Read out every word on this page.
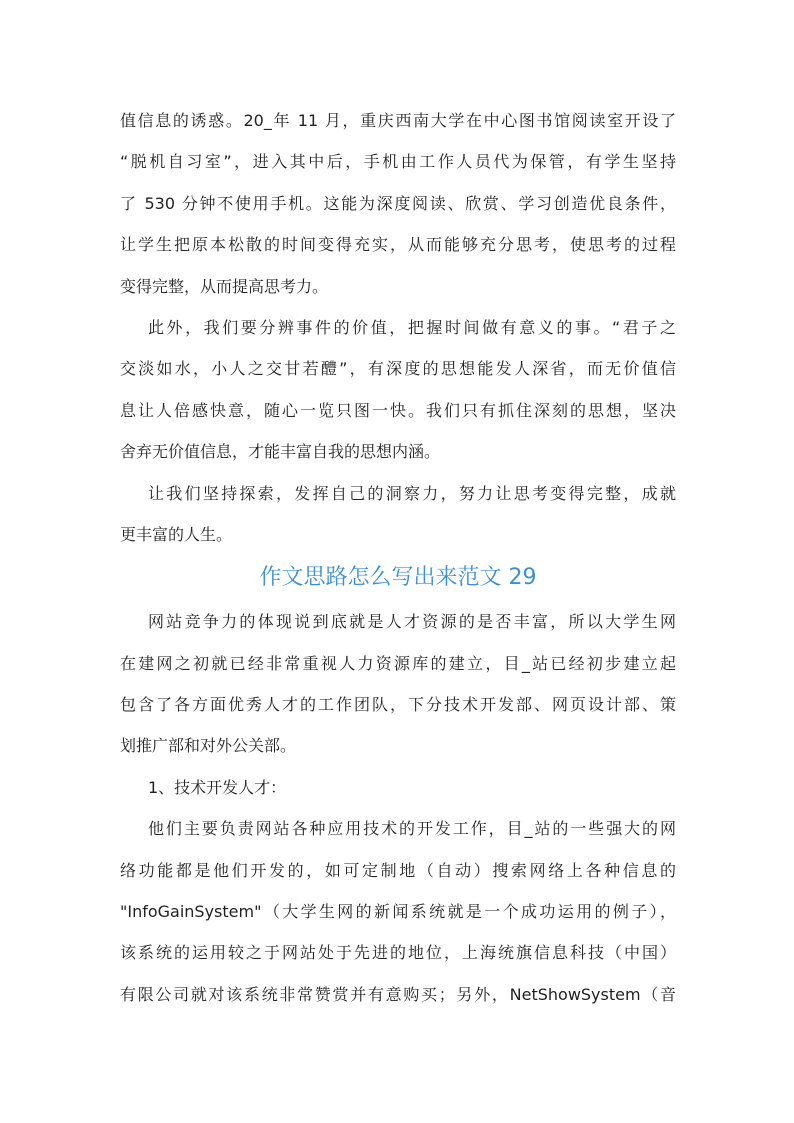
值信息的诱惑。20_年 11 月，重庆西南大学在中心图书馆阅读室开设了
“脱机自习室”，进入其中后，手机由工作人员代为保管，有学生坚持
了 530 分钟不使用手机。这能为深度阅读、欣赏、学习创造优良条件，
让学生把原本松散的时间变得充实，从而能够充分思考，使思考的过程
变得完整，从而提高思考力。
此外，我们要分辨事件的价值，把握时间做有意义的事。“君子之
交淡如水，小人之交甘若醴”，有深度的思想能发人深省，而无价值信
息让人倍感快意，随心一览只图一快。我们只有抓住深刻的思想，坚决
舍弃无价值信息，才能丰富自我的思想内涵。
让我们坚持探索，发挥自己的洞察力，努力让思考变得完整，成就
更丰富的人生。
作文思路怎么写出来范文 29
网站竞争力的体现说到底就是人才资源的是否丰富，所以大学生网
在建网之初就已经非常重视人力资源库的建立，目_站已经初步建立起
包含了各方面优秀人才的工作团队，下分技术开发部、网页设计部、策
划推广部和对外公关部。
1、技术开发人才：
他们主要负责网站各种应用技术的开发工作，目_站的一些强大的网
络功能都是他们开发的，如可定制地（自动）搜索网络上各种信息的
"InfoGainSystem"（大学生网的新闻系统就是一个成功运用的例子），
该系统的运用较之于网站处于先进的地位，上海统旗信息科技（中国）
有限公司就对该系统非常赞赏并有意购买；另外，NetShowSystem（音
